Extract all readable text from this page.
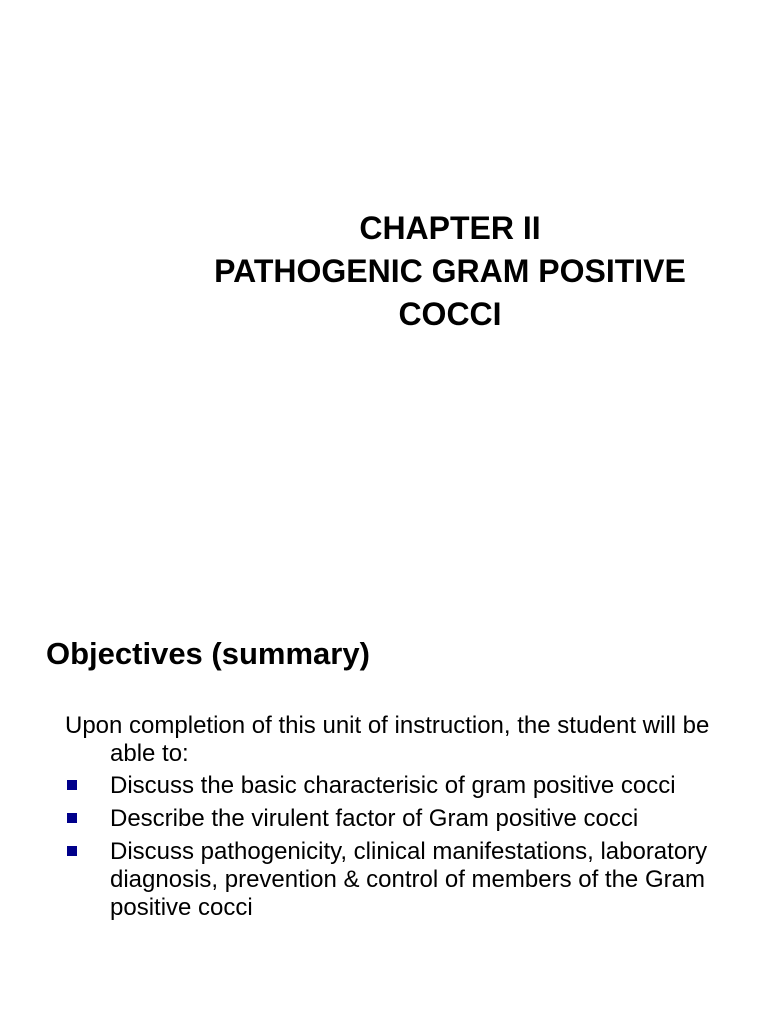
CHAPTER II
PATHOGENIC GRAM POSITIVE
COCCI
Objectives (summary)

Upon completion of this unit of instruction, the student will be able to:

Discuss the basic characterisic of gram positive cocci
Describe the virulent factor of Gram positive cocci
Discuss pathogenicity, clinical manifestations, laboratory diagnosis, prevention & control of members of the Gram positive cocci
